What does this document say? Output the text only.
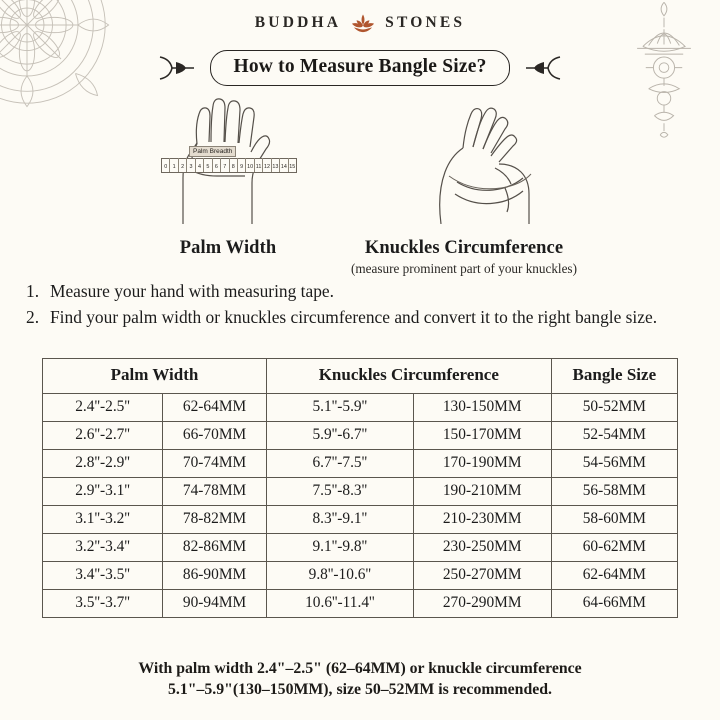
BUDDHA	STONES
How to Measure Bangle Size?
Palm Breadth
0	1	2	3	4	5	6	7	8	9 10 11 12 13 14 15
Palm Width	Knuckles Circumference
(measure prominent part of your knuckles)
1. Measure your hand with measuring tape.
2. Find your palm width or knuckles circumference and convert it to the right bangle size.
Palm Width		Knuckles Circumference		Bangle Size
2.4''-2.5''	62-64MM	5.1''-5.9''	130-150MM	50-52MM
2.6''-2.7''	66-70MM	5.9''-6.7''	150-170MM	52-54MM
2.8''-2.9''	70-74MM	6.7''-7.5''	170-190MM	54-56MM
2.9''-3.1''	74-78MM	7.5''-8.3''	190-210MM	56-58MM
3.1''-3.2''	78-82MM	8.3''-9.1''	210-230MM	58-60MM
3.2''-3.4''	82-86MM	9.1''-9.8''	230-250MM	60-62MM
3.4''-3.5''	86-90MM	9.8''-10.6''	250-270MM	62-64MM
3.5''-3.7''	90-94MM	10.6''-11.4''	270-290MM	64-66MM
With palm width 2.4"–2.5" (62–64MM) or knuckle circumference
5.1"–5.9"(130–150MM), size 50–52MM is recommended.
